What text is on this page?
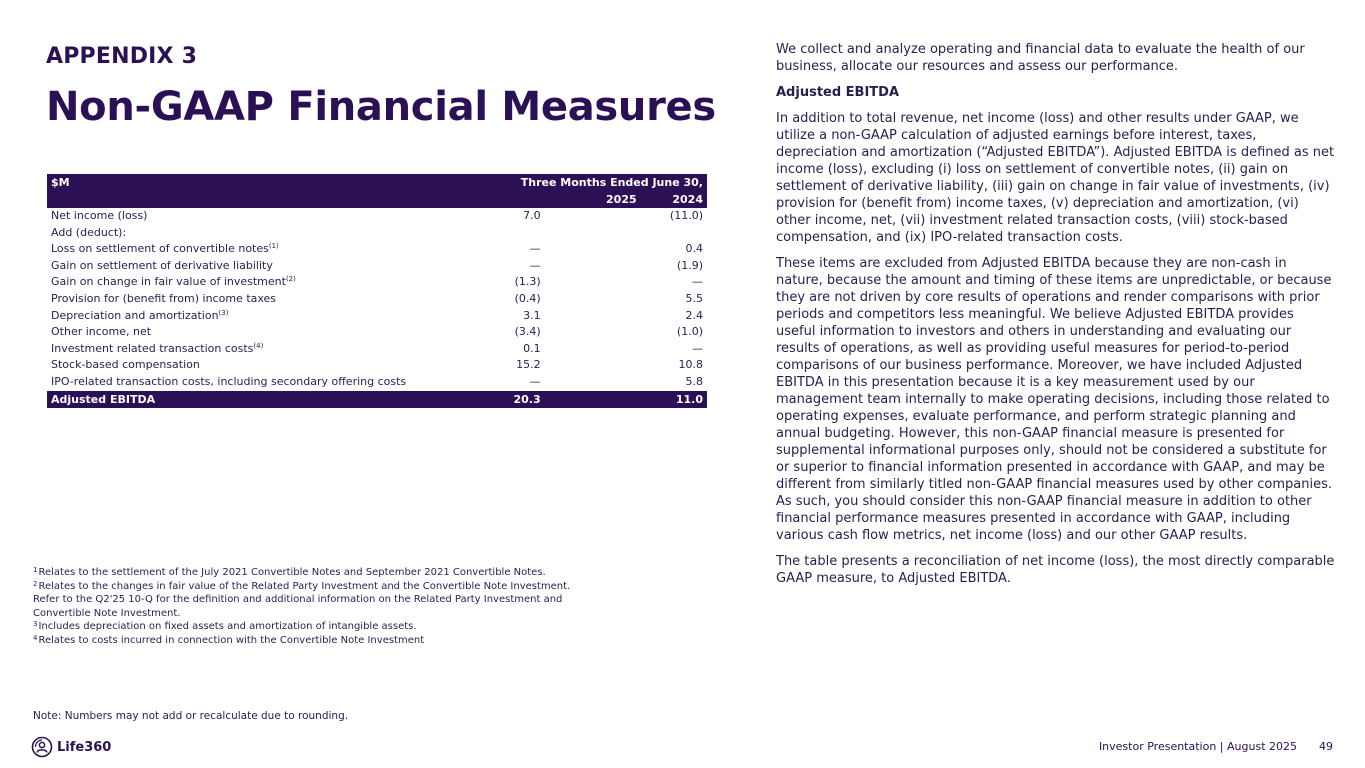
APPENDIX 3
Non-GAAP Financial Measures
$M	Three Months Ended June 30,	
	2025	2024
Net income (loss)	7.0	(11.0)
Add (deduct):		
Loss on settlement of convertible notes$^{(1)}$	—	0.4
Gain on settlement of derivative liability	—	(1.9)
Gain on change in fair value of investment$^{(2)}$	(1.3)	—
Provision for (benefit from) income taxes	(0.4)	5.5
Depreciation and amortization$^{(3)}$	3.1	2.4
Other income, net	(3.4)	(1.0)
Investment related transaction costs$^{(4)}$	0.1	—
Stock-based compensation	15.2	10.8
IPO-related transaction costs, including secondary offering costs	—	5.8
Adjusted EBITDA	20.3	11.0

$^1$Relates to the settlement of the July 2021 Convertible Notes and September 2021 Convertible Notes.

$^2$Relates to the changes in fair value of the Related Party Investment and the Convertible Note Investment. Refer to the Q2'25 10-Q for the definition and additional information on the Related Party Investment and Convertible Note Investment.

$^3$Includes depreciation on fixed assets and amortization of intangible assets.

$^4$Relates to costs incurred in connection with the Convertible Note Investment

Note: Numbers may not add or recalculate due to rounding.

We collect and analyze operating and financial data to evaluate the health of our business, allocate our resources and assess our performance.

Adjusted EBITDA

In addition to total revenue, net income (loss) and other results under GAAP, we utilize a non-GAAP calculation of adjusted earnings before interest, taxes, depreciation and amortization (“Adjusted EBITDA”). Adjusted EBITDA is defined as net income (loss), excluding (i) loss on settlement of convertible notes, (ii) gain on settlement of derivative liability, (iii) gain on change in fair value of investments, (iv) provision for (benefit from) income taxes, (v) depreciation and amortization, (vi) other income, net, (vii) investment related transaction costs, (viii) stock-based compensation, and (ix) IPO-related transaction costs.

These items are excluded from Adjusted EBITDA because they are non-cash in nature, because the amount and timing of these items are unpredictable, or because they are not driven by core results of operations and render comparisons with prior periods and competitors less meaningful. We believe Adjusted EBITDA provides useful information to investors and others in understanding and evaluating our results of operations, as well as providing useful measures for period-to-period comparisons of our business performance. Moreover, we have included Adjusted EBITDA in this presentation because it is a key measurement used by our management team internally to make operating decisions, including those related to operating expenses, evaluate performance, and perform strategic planning and annual budgeting. However, this non-GAAP financial measure is presented for supplemental informational purposes only, should not be considered a substitute for or superior to financial information presented in accordance with GAAP, and may be different from similarly titled non-GAAP financial measures used by other companies. As such, you should consider this non-GAAP financial measure in addition to other financial performance measures presented in accordance with GAAP, including various cash flow metrics, net income (loss) and our other GAAP results.

The table presents a reconciliation of net income (loss), the most directly comparable GAAP measure, to Adjusted EBITDA.

Life360	Investor Presentation | August 2025 49
